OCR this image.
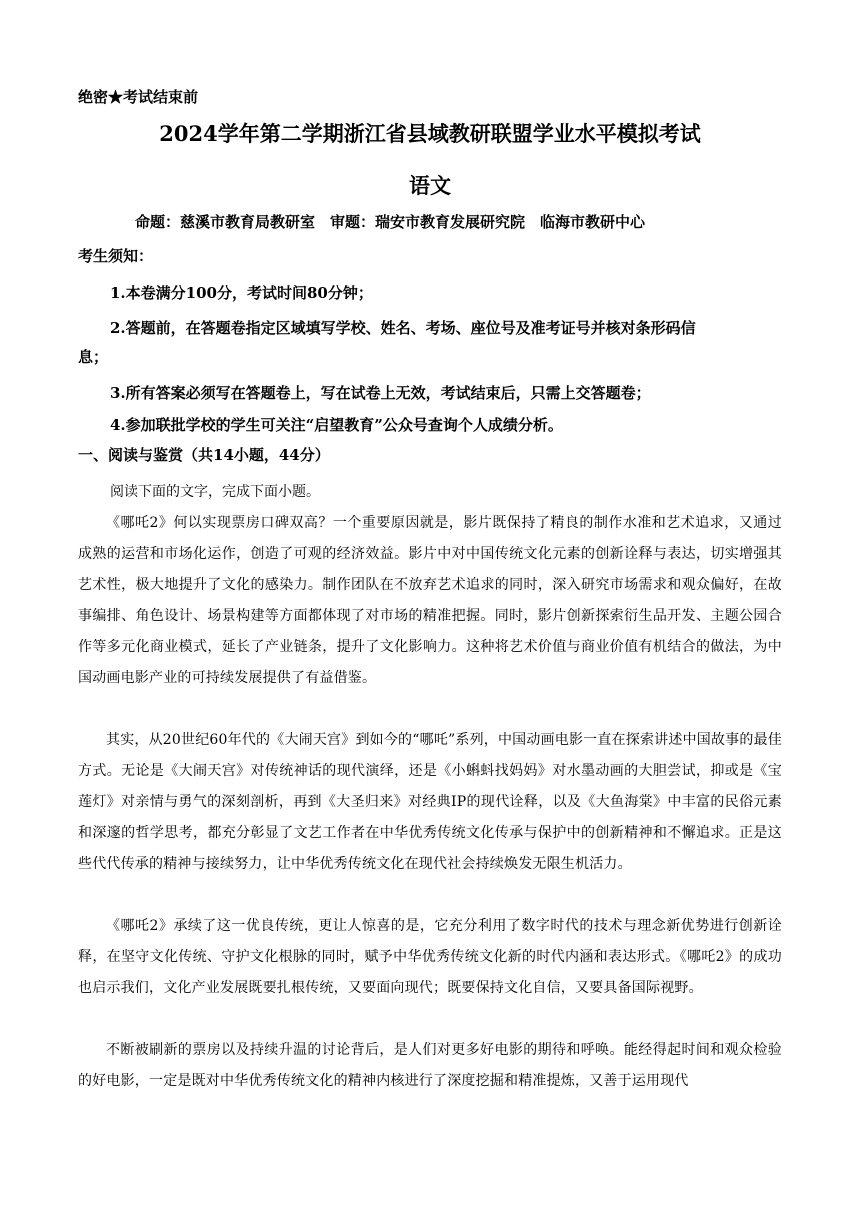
绝密★考试结束前
2024学年第二学期浙江省县域教研联盟学业水平模拟考试
语文
命题：慈溪市教育局教研室　审题：瑞安市教育发展研究院　临海市教研中心
考生须知：
1.本卷满分100分，考试时间80分钟；
2.答题前，在答题卷指定区域填写学校、姓名、考场、座位号及准考证号并核对条形码信
息；
3.所有答案必须写在答题卷上，写在试卷上无效，考试结束后，只需上交答题卷；
4.参加联批学校的学生可关注“启望教育”公众号查询个人成绩分析。
一、阅读与鉴赏（共14小题，44分）
阅读下面的文字，完成下面小题。
《哪吒2》何以实现票房口碑双高？一个重要原因就是，影片既保持了精良的制作水准和艺术追求，又通过成熟的运营和市场化运作，创造了可观的经济效益。影片中对中国传统文化元素的创新诠释与表达，切实增强其艺术性，极大地提升了文化的感染力。制作团队在不放弃艺术追求的同时，深入研究市场需求和观众偏好，在故事编排、角色设计、场景构建等方面都体现了对市场的精准把握。同时，影片创新探索衍生品开发、主题公园合作等多元化商业模式，延长了产业链条，提升了文化影响力。这种将艺术价值与商业价值有机结合的做法，为中国动画电影产业的可持续发展提供了有益借鉴。
其实，从20世纪60年代的《大闹天宫》到如今的“哪吒”系列，中国动画电影一直在探索讲述中国故事的最佳方式。无论是《大闹天宫》对传统神话的现代演绎，还是《小蝌蚪找妈妈》对水墨动画的大胆尝试，抑或是《宝莲灯》对亲情与勇气的深刻剖析，再到《大圣归来》对经典IP的现代诠释，以及《大鱼海棠》中丰富的民俗元素和深邃的哲学思考，都充分彰显了文艺工作者在中华优秀传统文化传承与保护中的创新精神和不懈追求。正是这些代代传承的精神与接续努力，让中华优秀传统文化在现代社会持续焕发无限生机活力。
《哪吒2》承续了这一优良传统，更让人惊喜的是，它充分利用了数字时代的技术与理念新优势进行创新诠释，在坚守文化传统、守护文化根脉的同时，赋予中华优秀传统文化新的时代内涵和表达形式。《哪吒2》的成功也启示我们，文化产业发展既要扎根传统，又要面向现代；既要保持文化自信，又要具备国际视野。
不断被刷新的票房以及持续升温的讨论背后，是人们对更多好电影的期待和呼唤。能经得起时间和观众检验的好电影，一定是既对中华优秀传统文化的精神内核进行了深度挖掘和精准提炼，又善于运用现代
